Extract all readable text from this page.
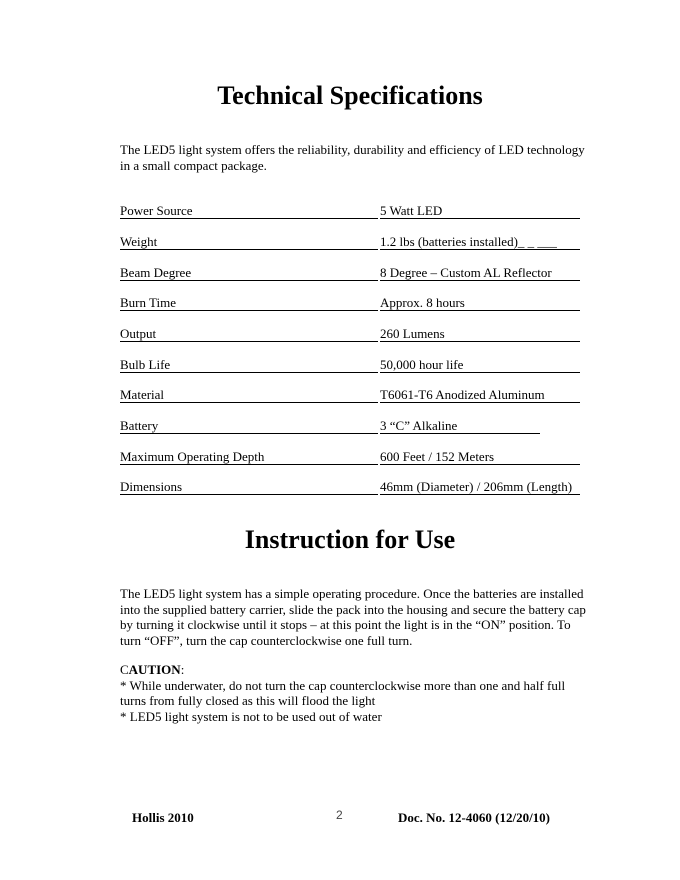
Technical Specifications
The LED5 light system offers the reliability, durability and efficiency of LED technology in a small compact package.
Power Source	5 Watt LED
Weight	1.2 lbs (batteries installed)_ _ ___
Beam Degree	8 Degree – Custom AL Reflector
Burn Time	Approx. 8 hours
Output	260 Lumens
Bulb Life	50,000 hour life
Material	T6061-T6 Anodized Aluminum
Battery	3 “C” Alkaline
Maximum Operating Depth	600 Feet / 152 Meters
Dimensions	46mm (Diameter) / 206mm (Length)
Instruction for Use
The LED5 light system has a simple operating procedure. Once the batteries are installed into the supplied battery carrier, slide the pack into the housing and secure the battery cap by turning it clockwise until it stops – at this point the light is in the “ON” position. To turn “OFF”, turn the cap counterclockwise one full turn.
CAUTION:
* While underwater, do not turn the cap counterclockwise more than one and half full turns from fully closed as this will flood the light
* LED5 light system is not to be used out of water
Hollis 2010	2	Doc. No. 12-4060 (12/20/10)
